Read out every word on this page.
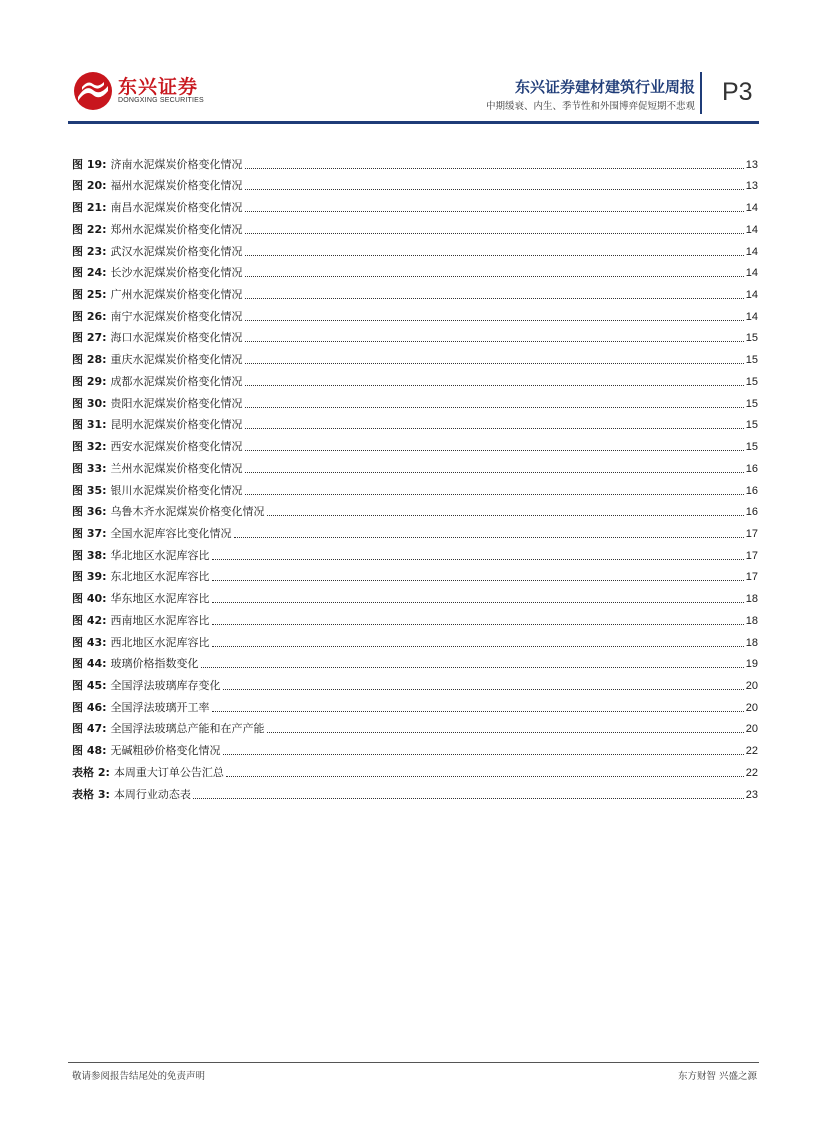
东兴证券
DONGXING SECURITIES
东兴证券建材建筑行业周报
中期缓衰、内生、季节性和外围博弈促短期不悲观
P3
图 19: 济南水泥煤炭价格变化情况	13
图 20: 福州水泥煤炭价格变化情况	13
图 21: 南昌水泥煤炭价格变化情况	14
图 22: 郑州水泥煤炭价格变化情况	14
图 23: 武汉水泥煤炭价格变化情况	14
图 24: 长沙水泥煤炭价格变化情况	14
图 25: 广州水泥煤炭价格变化情况	14
图 26: 南宁水泥煤炭价格变化情况	14
图 27: 海口水泥煤炭价格变化情况	15
图 28: 重庆水泥煤炭价格变化情况	15
图 29: 成都水泥煤炭价格变化情况	15
图 30: 贵阳水泥煤炭价格变化情况	15
图 31: 昆明水泥煤炭价格变化情况	15
图 32: 西安水泥煤炭价格变化情况	15
图 33: 兰州水泥煤炭价格变化情况	16
图 35: 银川水泥煤炭价格变化情况	16
图 36: 乌鲁木齐水泥煤炭价格变化情况	16
图 37: 全国水泥库容比变化情况	17
图 38: 华北地区水泥库容比	17
图 39: 东北地区水泥库容比	17
图 40: 华东地区水泥库容比	18
图 42: 西南地区水泥库容比	18
图 43: 西北地区水泥库容比	18
图 44: 玻璃价格指数变化	19
图 45: 全国浮法玻璃库存变化	20
图 46: 全国浮法玻璃开工率	20
图 47: 全国浮法玻璃总产能和在产产能	20
图 48: 无碱粗砂价格变化情况	22
表格 2: 本周重大订单公告汇总	22
表格 3: 本周行业动态表	23
敬请参阅报告结尾处的免责声明	东方财智 兴盛之源
